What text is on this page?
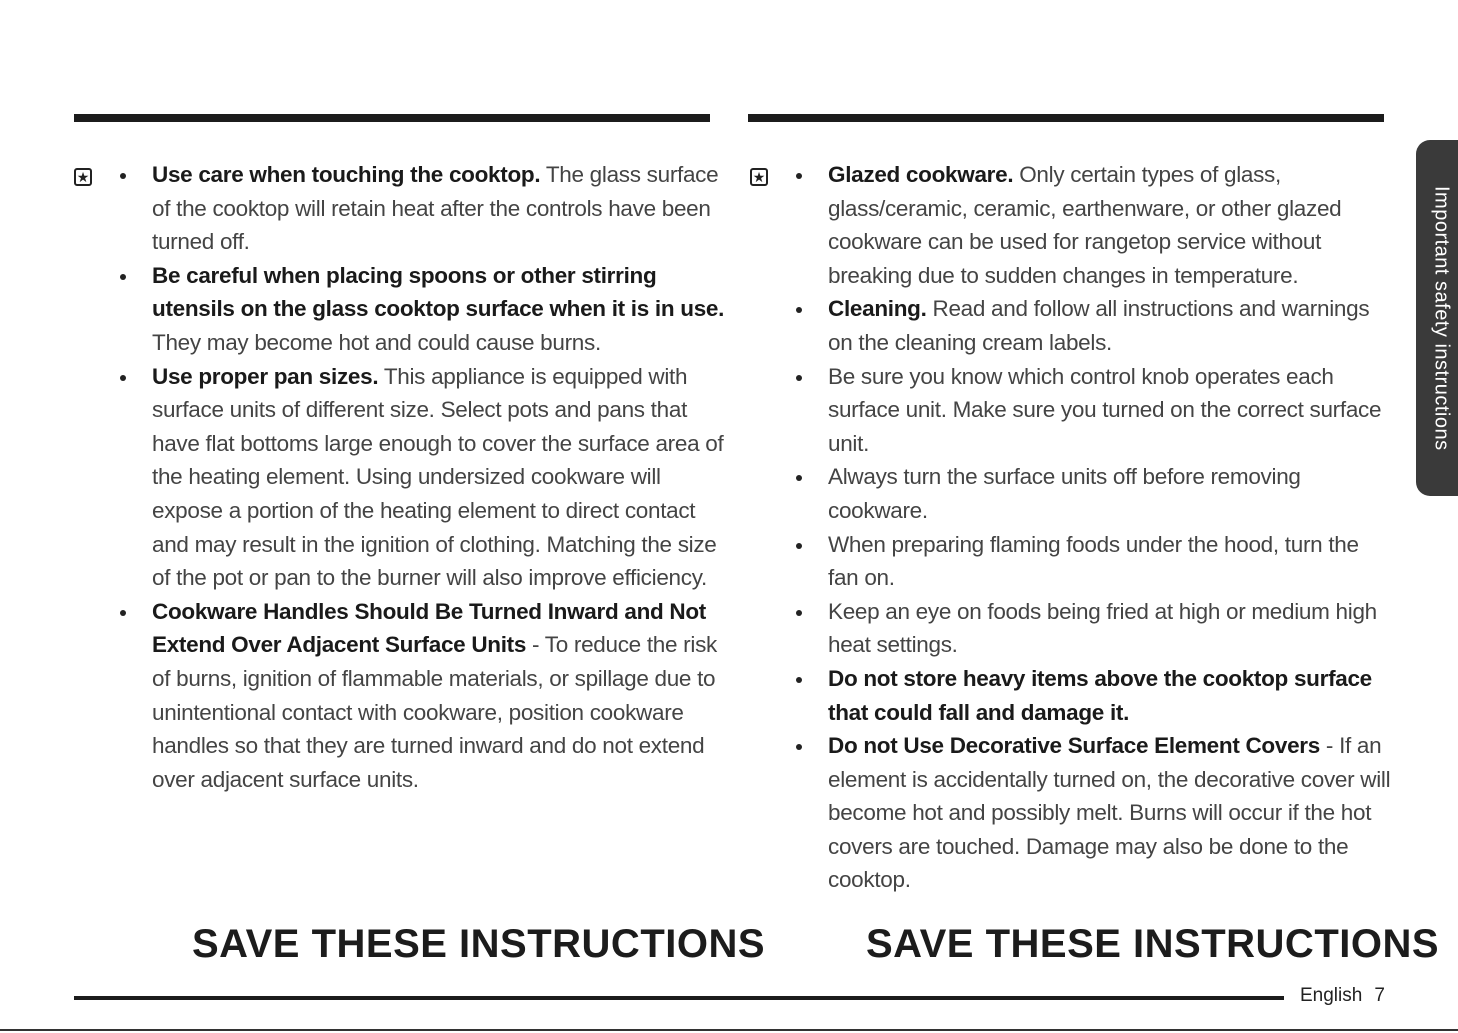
★
Use care when touching the cooktop. The glass surface of the cooktop will retain heat after the controls have been turned off.
Be careful when placing spoons or other stirring utensils on the glass cooktop surface when it is in use. They may become hot and could cause burns.
Use proper pan sizes. This appliance is equipped with surface units of different size. Select pots and pans that have flat bottoms large enough to cover the surface area of the heating element. Using undersized cookware will expose a portion of the heating element to direct contact and may result in the ignition of clothing. Matching the size of the pot or pan to the burner will also improve efficiency.
Cookware Handles Should Be Turned Inward and Not Extend Over Adjacent Surface Units - To reduce the risk of burns, ignition of flammable materials, or spillage due to unintentional contact with cookware, position cookware handles so that they are turned inward and do not extend over adjacent surface units.
★
Glazed cookware. Only certain types of glass, glass/ceramic, ceramic, earthenware, or other glazed cookware can be used for rangetop service without breaking due to sudden changes in temperature.
Cleaning. Read and follow all instructions and warnings on the cleaning cream labels.
Be sure you know which control knob operates each surface unit. Make sure you turned on the correct surface unit.
Always turn the surface units off before removing cookware.
When preparing flaming foods under the hood, turn the fan on.
Keep an eye on foods being fried at high or medium high heat settings.
Do not store heavy items above the cooktop surface that could fall and damage it.
Do not Use Decorative Surface Element Covers - If an element is accidentally turned on, the decorative cover will become hot and possibly melt. Burns will occur if the hot covers are touched. Damage may also be done to the cooktop.
SAVE THESE INSTRUCTIONS	SAVE THESE INSTRUCTIONS
English 7
Important safety instructions
